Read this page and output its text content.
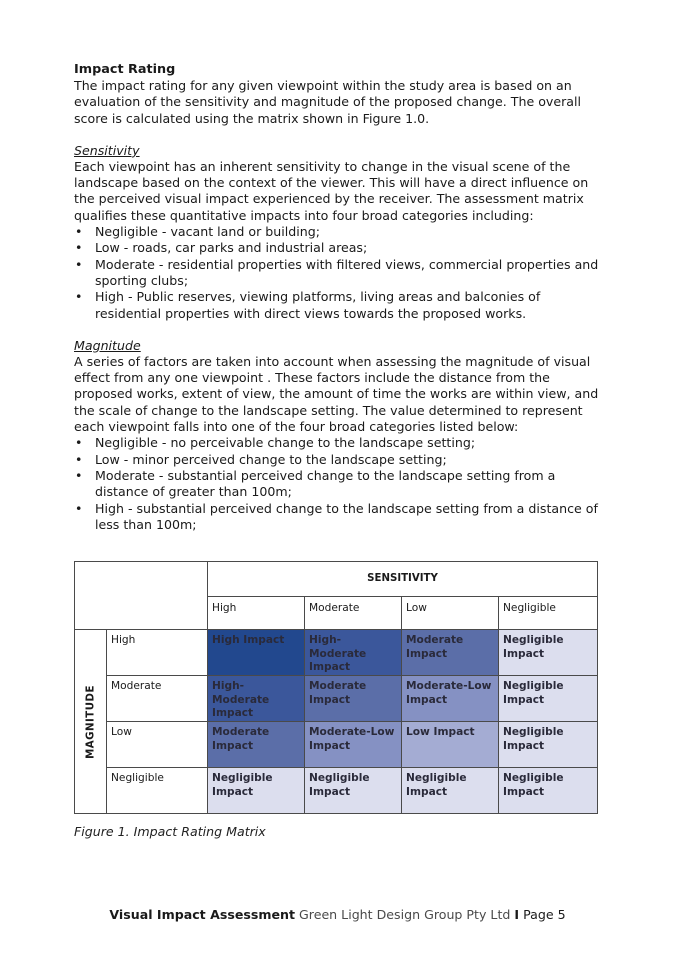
Impact Rating
The impact rating for any given viewpoint within the study area is based on an evaluation of the sensitivity and magnitude of the proposed change. The overall score is calculated using the matrix shown in Figure 1.0.
Sensitivity
Each viewpoint has an inherent sensitivity to change in the visual scene of the landscape based on the context of the viewer. This will have a direct influence on the perceived visual impact experienced by the receiver. The assessment matrix qualifies these quantitative impacts into four broad categories including:
• Negligible - vacant land or building;
• Low - roads, car parks and industrial areas;
• Moderate - residential properties with filtered views, commercial properties and sporting clubs;
• High - Public reserves, viewing platforms, living areas and balconies of residential properties with direct views towards the proposed works.
Magnitude
A series of factors are taken into account when assessing the magnitude of visual effect from any one viewpoint . These factors include the distance from the proposed works, extent of view, the amount of time the works are within view, and the scale of change to the landscape setting. The value determined to represent each viewpoint falls into one of the four broad categories listed below:
• Negligible - no perceivable change to the landscape setting;
• Low - minor perceived change to the landscape setting;
• Moderate - substantial perceived change to the landscape setting from a distance of greater than 100m;
• High - substantial perceived change to the landscape setting from a distance of less than 100m;
		SENSITIVITY			
		High	Moderate	Low	Negligible

MAGNITUDE	High	High Impact	High-Moderate Impact	Moderate Impact	Negligible Impact
	Moderate	High-Moderate Impact	Moderate Impact	Moderate-Low Impact	Negligible Impact
	Low	Moderate Impact	Moderate-Low Impact	Low Impact	Negligible Impact
	Negligible	Negligible Impact	Negligible Impact	Negligible Impact	Negligible Impact
Figure 1. Impact Rating Matrix
Visual Impact Assessment Green Light Design Group Pty Ltd I Page 5
